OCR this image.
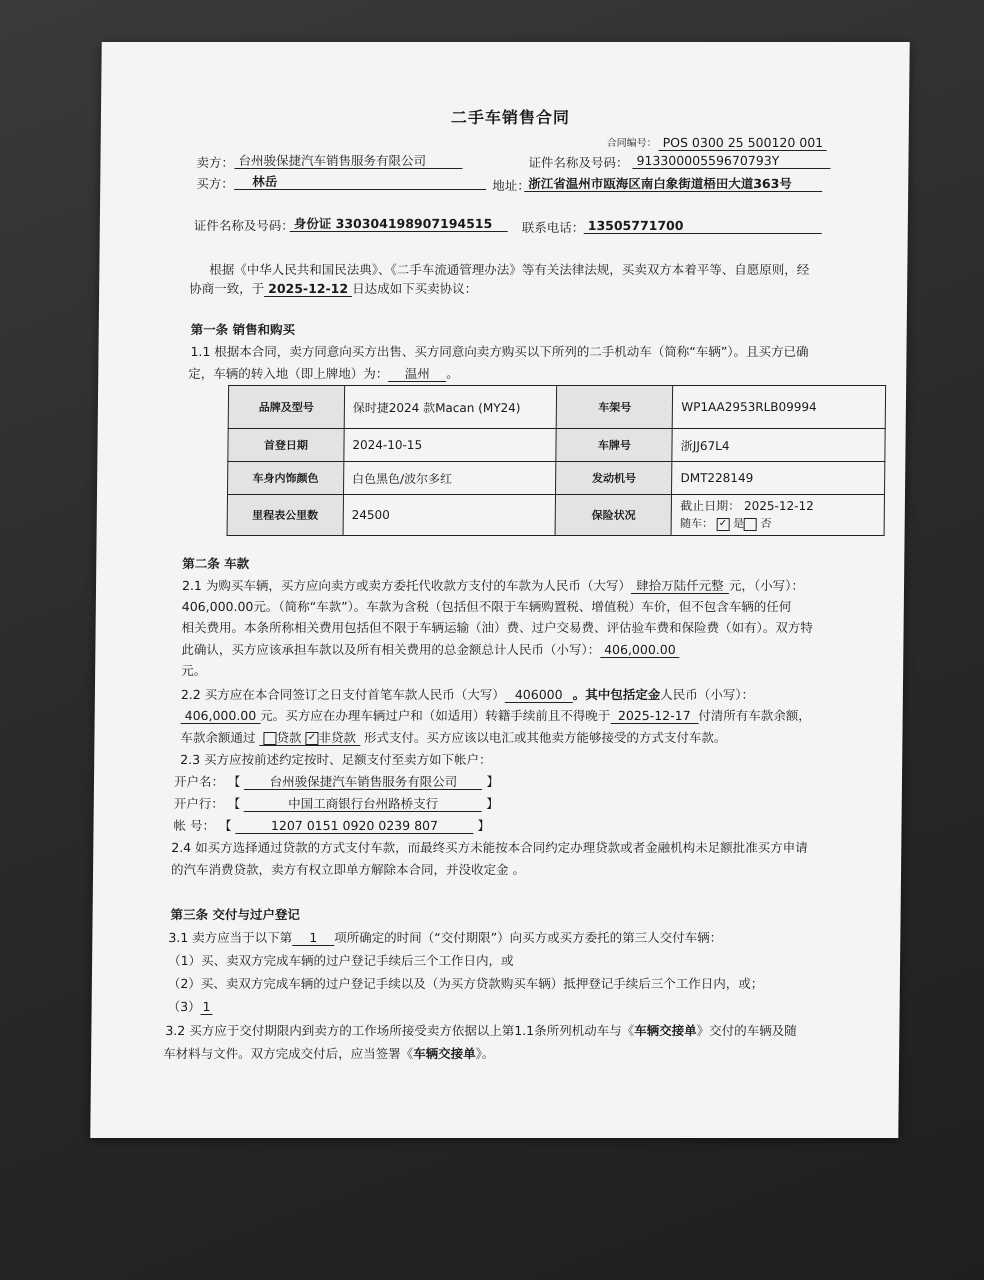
二手车销售合同
合同编号： POS 0300 25 500120 001
卖方： 台州骏保捷汽车销售服务有限公司	证件名称及号码： 91330000559670793Y
买方：	林岳	地址：
浙江省温州市瓯海区南白象街道梧田大道363号
证件名称及号码： 身份证 330304198907194515	联系电话： 13505771700
根据《中华人民共和国民法典》、《二手车流通管理办法》等有关法律法规，买卖双方本着平等、自愿原则，经
协商一致，于 2025-12-12 日达成如下买卖协议：
第一条 销售和购买
1.1 根据本合同，卖方同意向买方出售、买方同意向卖方购买以下所列的二手机动车（简称“车辆”）。且买方已确
定，车辆的转入地（即上牌地）为： 温州 。
品牌及型号	保时捷2024 款Macan (MY24)	车架号	WP1AA2953RLB09994
首登日期	2024-10-15	车牌号	浙JJ67L4
车身内饰颜色	白色黑色/波尔多红	发动机号	DMT228149
里程表公里数	24500	保险状况	截止日期： 2025-12-12
随车： ✓ 是 否
第二条 车款
2.1 为购买车辆，买方应向卖方或卖方委托代收款方支付的车款为人民币（大写） 肆拾万陆仟元整 元，（小写）：
406,000.00元。（简称“车款”）。车款为含税（包括但不限于车辆购置税、增值税）车价，但不包含车辆的任何
相关费用。本条所称相关费用包括但不限于车辆运输（油）费、过户交易费、评估验车费和保险费（如有）。双方特
此确认，买方应该承担车款以及所有相关费用的总金额总计人民币（小写）： 406,000.00
元。
2.2 买方应在本合同签订之日支付首笔车款人民币（大写） 406000 。其中包括定金人民币（小写）：
406,000.00 元。买方应在办理车辆过户和（如适用）转籍手续前且不得晚于 2025-12-17 付清所有车款余额，
车款余额通过 贷款 ✓ 非贷款 形式支付。买方应该以电汇或其他卖方能够接受的方式支付车款。
2.3 买方应按前述约定按时、足额支付至卖方如下帐户：
开户名： 【 台州骏保捷汽车销售服务有限公司 】
开户行： 【	中国工商银行台州路桥支行	】
帐 号： 【	1207 0151 0920 0239 807	】
2.4 如买方选择通过贷款的方式支付车款，而最终买方未能按本合同约定办理贷款或者金融机构未足额批准买方申请
的汽车消费贷款，卖方有权立即单方解除本合同，并没收定金 。
第三条 交付与过户登记
3.1 卖方应当于以下第 1 项所确定的时间（“交付期限”）向买方或买方委托的第三人交付车辆：
（1）买、卖双方完成车辆的过户登记手续后三个工作日内，或
（2）买、卖双方完成车辆的过户登记手续以及（为买方贷款购买车辆）抵押登记手续后三个工作日内，或；
（3） 1
3.2 买方应于交付期限内到卖方的工作场所接受卖方依据以上第1.1条所列机动车与《车辆交接单》交付的车辆及随
车材料与文件。双方完成交付后，应当签署《车辆交接单》。
